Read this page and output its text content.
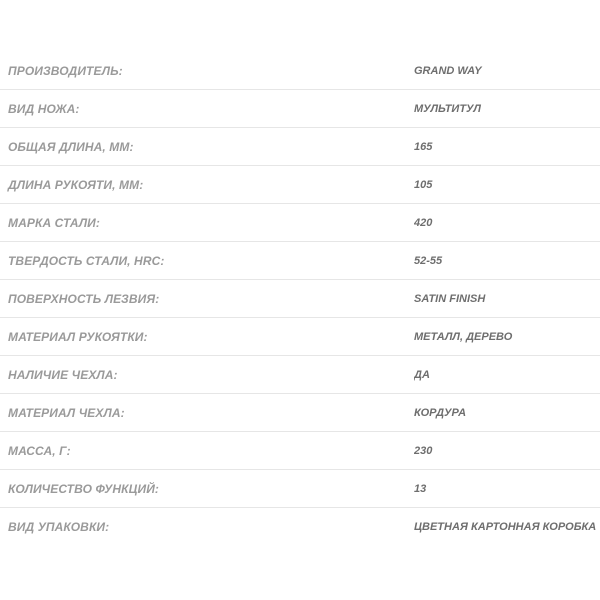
ПРОИЗВОДИТЕЛЬ:	GRAND WAY
ВИД НОЖА:	МУЛЬТИТУЛ
ОБЩАЯ ДЛИНА, ММ:	165
ДЛИНА РУКОЯТИ, ММ:	105
МАРКА СТАЛИ:	420
ТВЕРДОСТЬ СТАЛИ, HRC:	52-55
ПОВЕРХНОСТЬ ЛЕЗВИЯ:	SATIN FINISH
МАТЕРИАЛ РУКОЯТКИ:	МЕТАЛЛ, ДЕРЕВО
НАЛИЧИЕ ЧЕХЛА:	ДА
МАТЕРИАЛ ЧЕХЛА:	КОРДУРА
МАССА, Г:	230
КОЛИЧЕСТВО ФУНКЦИЙ:	13
ВИД УПАКОВКИ:	ЦВЕТНАЯ КАРТОННАЯ КОРОБКА
